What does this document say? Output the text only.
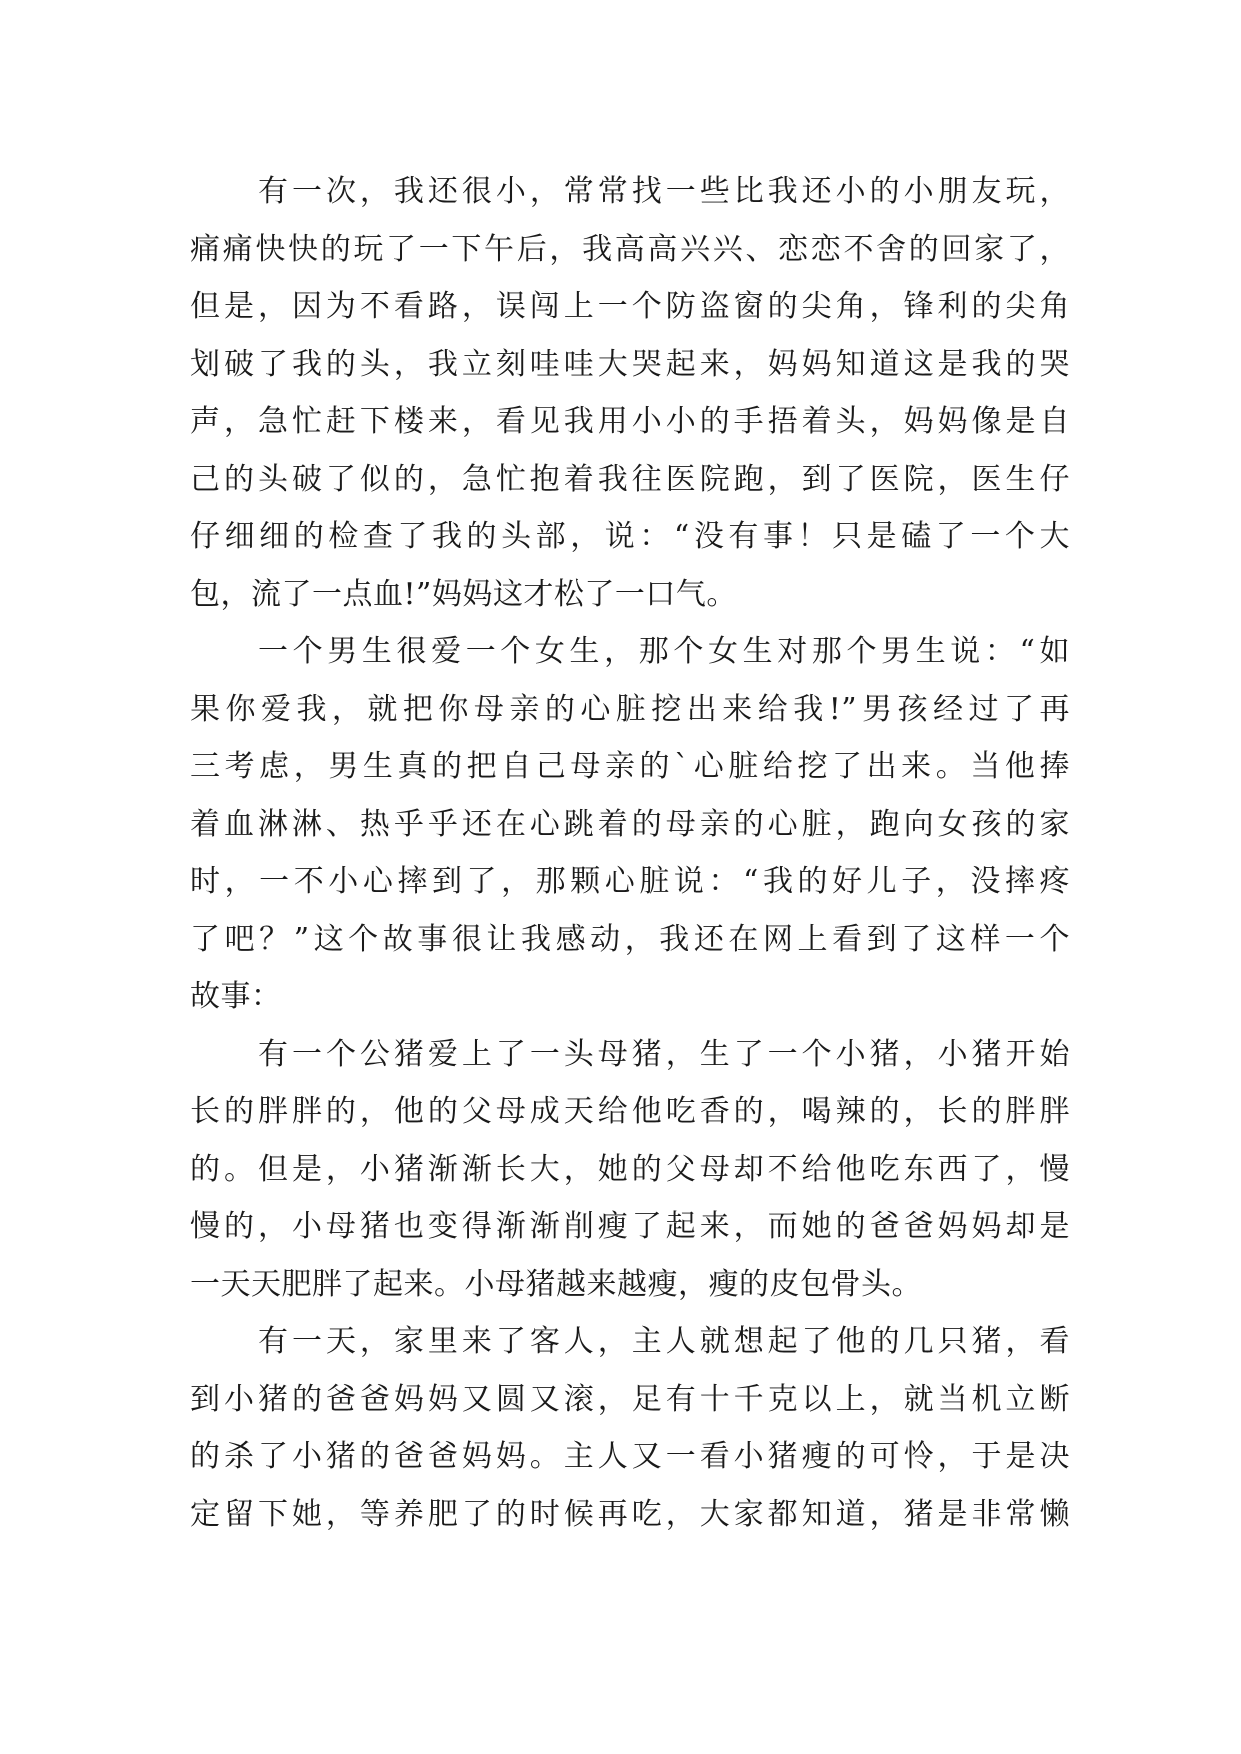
有一次，我还很小，常常找一些比我还小的小朋友玩，
痛痛快快的玩了一下午后，我高高兴兴、恋恋不舍的回家了，
但是，因为不看路，误闯上一个防盗窗的尖角，锋利的尖角
划破了我的头，我立刻哇哇大哭起来，妈妈知道这是我的哭
声，急忙赶下楼来，看见我用小小的手捂着头，妈妈像是自
己的头破了似的，急忙抱着我往医院跑，到了医院，医生仔
仔细细的检查了我的头部，说：“没有事！只是磕了一个大
包，流了一点血!”妈妈这才松了一口气。
一个男生很爱一个女生，那个女生对那个男生说：“如
果你爱我，就把你母亲的心脏挖出来给我!”男孩经过了再
三考虑，男生真的把自己母亲的`心脏给挖了出来。当他捧
着血淋淋、热乎乎还在心跳着的母亲的心脏，跑向女孩的家
时，一不小心摔到了，那颗心脏说：“我的好儿子，没摔疼
了吧？”这个故事很让我感动，我还在网上看到了这样一个
故事：
有一个公猪爱上了一头母猪，生了一个小猪，小猪开始
长的胖胖的，他的父母成天给他吃香的，喝辣的，长的胖胖
的。但是，小猪渐渐长大，她的父母却不给他吃东西了，慢
慢的，小母猪也变得渐渐削瘦了起来，而她的爸爸妈妈却是
一天天肥胖了起来。小母猪越来越瘦，瘦的皮包骨头。
有一天，家里来了客人，主人就想起了他的几只猪，看
到小猪的爸爸妈妈又圆又滚，足有十千克以上，就当机立断
的杀了小猪的爸爸妈妈。主人又一看小猪瘦的可怜，于是决
定留下她，等养肥了的时候再吃，大家都知道，猪是非常懒
